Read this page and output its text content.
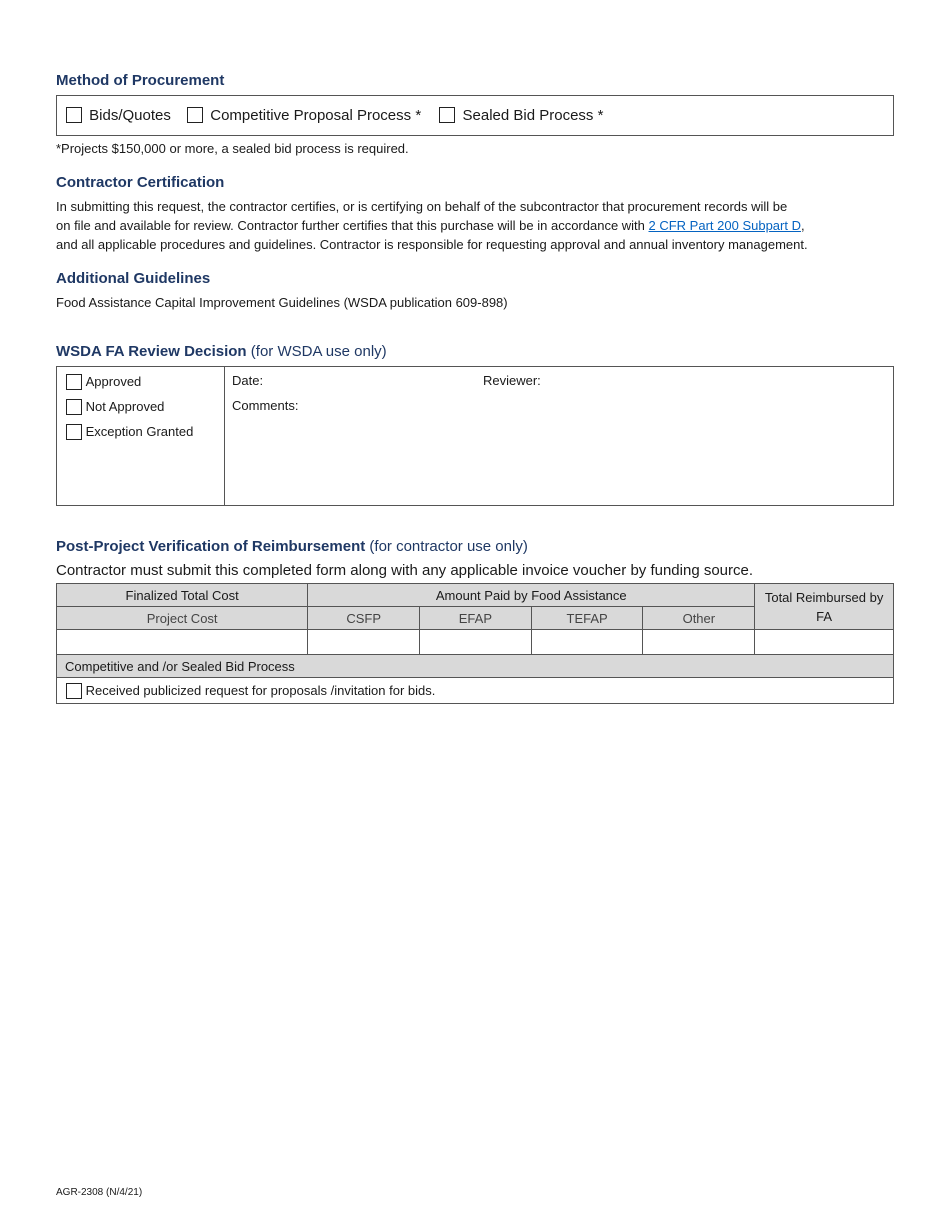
Method of Procurement
Bids/Quotes	Competitive Proposal Process *	Sealed Bid Process *
*Projects $150,000 or more, a sealed bid process is required.
Contractor Certification
In submitting this request, the contractor certifies, or is certifying on behalf of the subcontractor that procurement records will be
on file and available for review. Contractor further certifies that this purchase will be in accordance with 2 CFR Part 200 Subpart D,
and all applicable procedures and guidelines. Contractor is responsible for requesting approval and annual inventory management.
Additional Guidelines
Food Assistance Capital Improvement Guidelines (WSDA publication 609-898)
WSDA FA Review Decision (for WSDA use only)
Approved
Not Approved
Exception Granted
Date:	Reviewer:
Comments:
Post-Project Verification of Reimbursement (for contractor use only)
Contractor must submit this completed form along with any applicable invoice voucher by funding source.
Finalized Total Cost	Amount Paid by Food Assistance				Total Reimbursed by FA
Project Cost	CSFP	EFAP	TEFAP	Other	

Competitive and /or Sealed Bid Process					
Received publicized request for proposals /invitation for bids.					
AGR-2308 (N/4/21)
